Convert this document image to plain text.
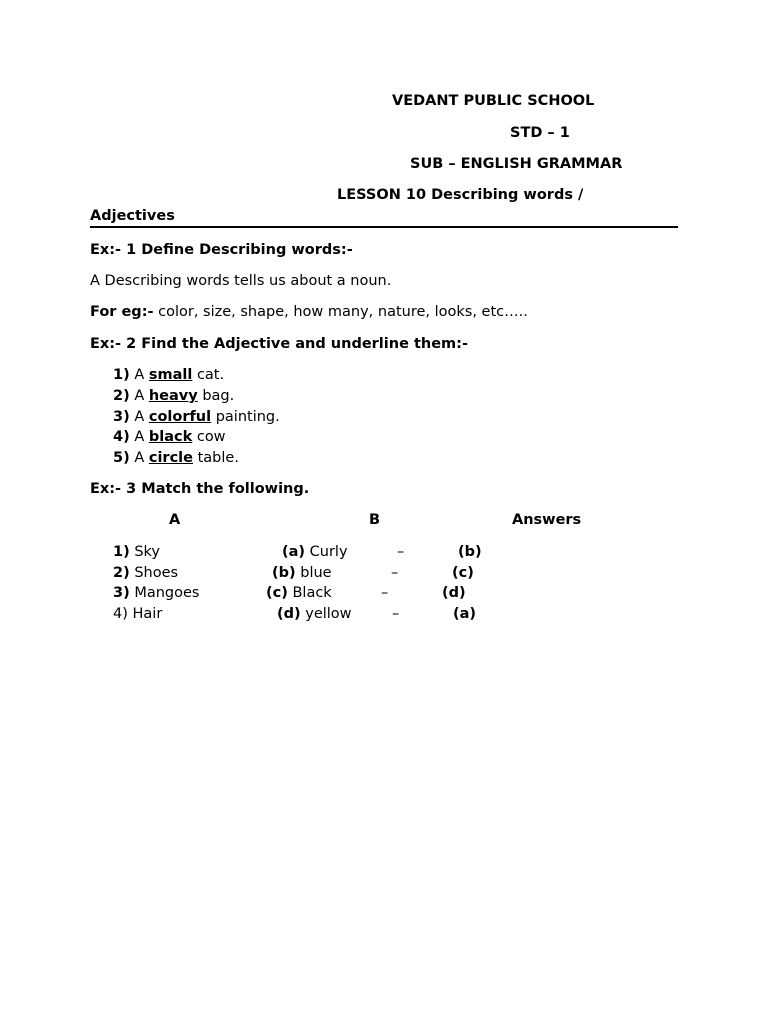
VEDANT PUBLIC SCHOOL
STD – 1
SUB – ENGLISH GRAMMAR
LESSON 10 Describing words /
Adjectives
Ex:- 1 Define Describing words:-
A Describing words tells us about a noun.
For eg:- color, size, shape, how many, nature, looks, etc…..
Ex:- 2 Find the Adjective and underline them:-
1) A small cat.
2) A heavy bag.
3) A colorful painting.
4) A black cow
5) A circle table.
Ex:- 3 Match the following.
A	B	Answers
1) Sky	(a) Curly	–	(b)
2) Shoes	(b) blue	–	(c)
3) Mangoes	(c) Black	–	(d)
4) Hair	(d) yellow	–	(a)
